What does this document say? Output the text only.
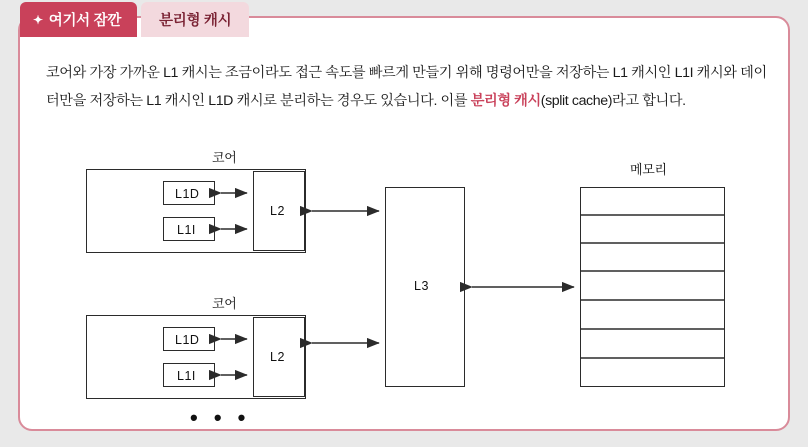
✦ 여기서 잠깐	분리형 캐시
코어와 가장 가까운 L1 캐시는 조금이라도 접근 속도를 빠르게 만들기 위해 명령어만을 저장하는 L1 캐시인 L1I 캐시와 데이터만을 저장하는 L1 캐시인 L1D 캐시로 분리하는 경우도 있습니다. 이를 분리형 캐시(split cache)라고 합니다.
코어
코어
메모리
L1D
L1I
L2
L1D
L1I
L2
L3
• • •
